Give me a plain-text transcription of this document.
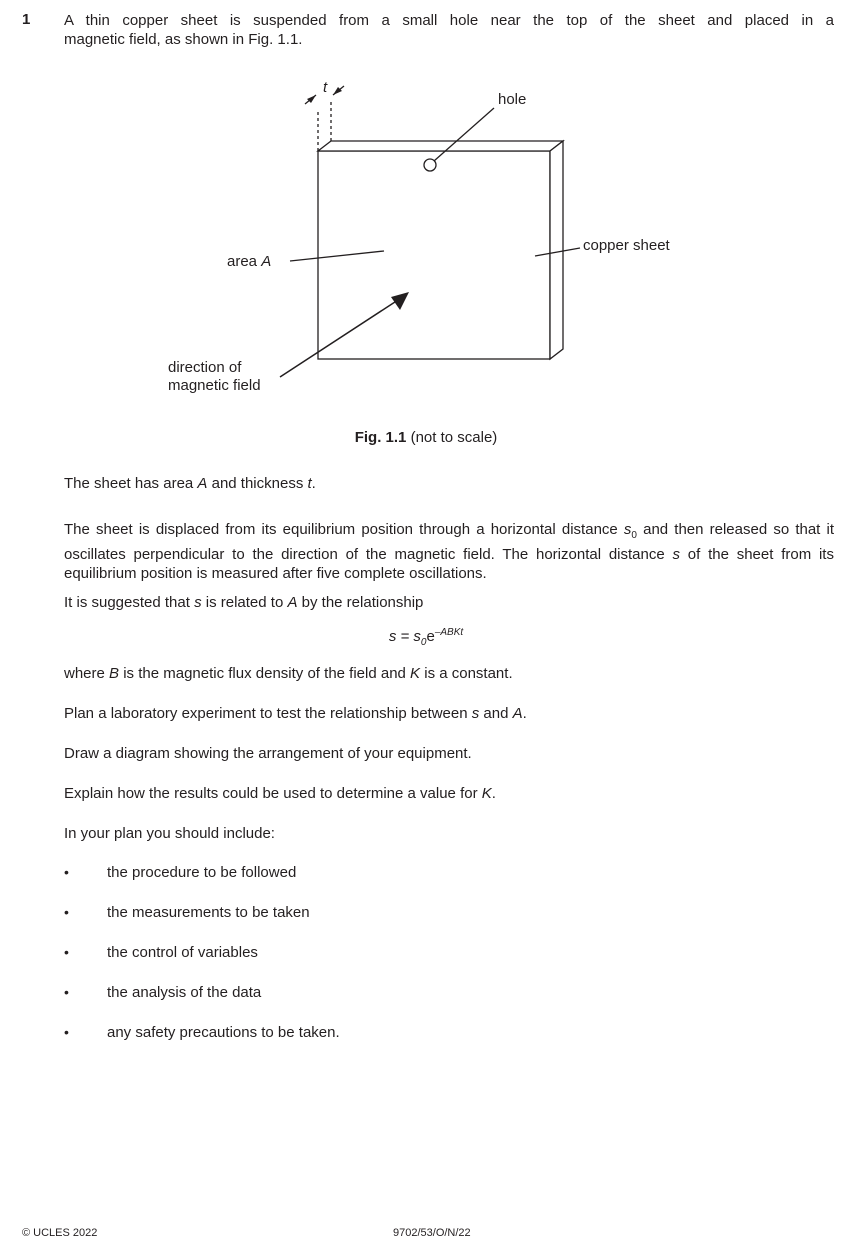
1 A thin copper sheet is suspended from a small hole near the top of the sheet and placed in a
magnetic field, as shown in Fig. 1.1.
t
hole
area A
copper sheet
direction of
magnetic field
Fig. 1.1 (not to scale)
The sheet has area A and thickness t.
The sheet is displaced from its equilibrium position through a horizontal distance $s_0$ and then released so that it oscillates perpendicular to the direction of the magnetic field. The horizontal distance s of the sheet from its equilibrium position is measured after five complete oscillations.
It is suggested that s is related to A by the relationship
$s = s_0e^{-ABKt}$
where B is the magnetic flux density of the field and K is a constant.
Plan a laboratory experiment to test the relationship between s and A.
Draw a diagram showing the arrangement of your equipment.
Explain how the results could be used to determine a value for K.
In your plan you should include:
•	the procedure to be followed
•	the measurements to be taken
•	the control of variables
•	the analysis of the data
•	any safety precautions to be taken.
© UCLES 2022	9702/53/O/N/22
